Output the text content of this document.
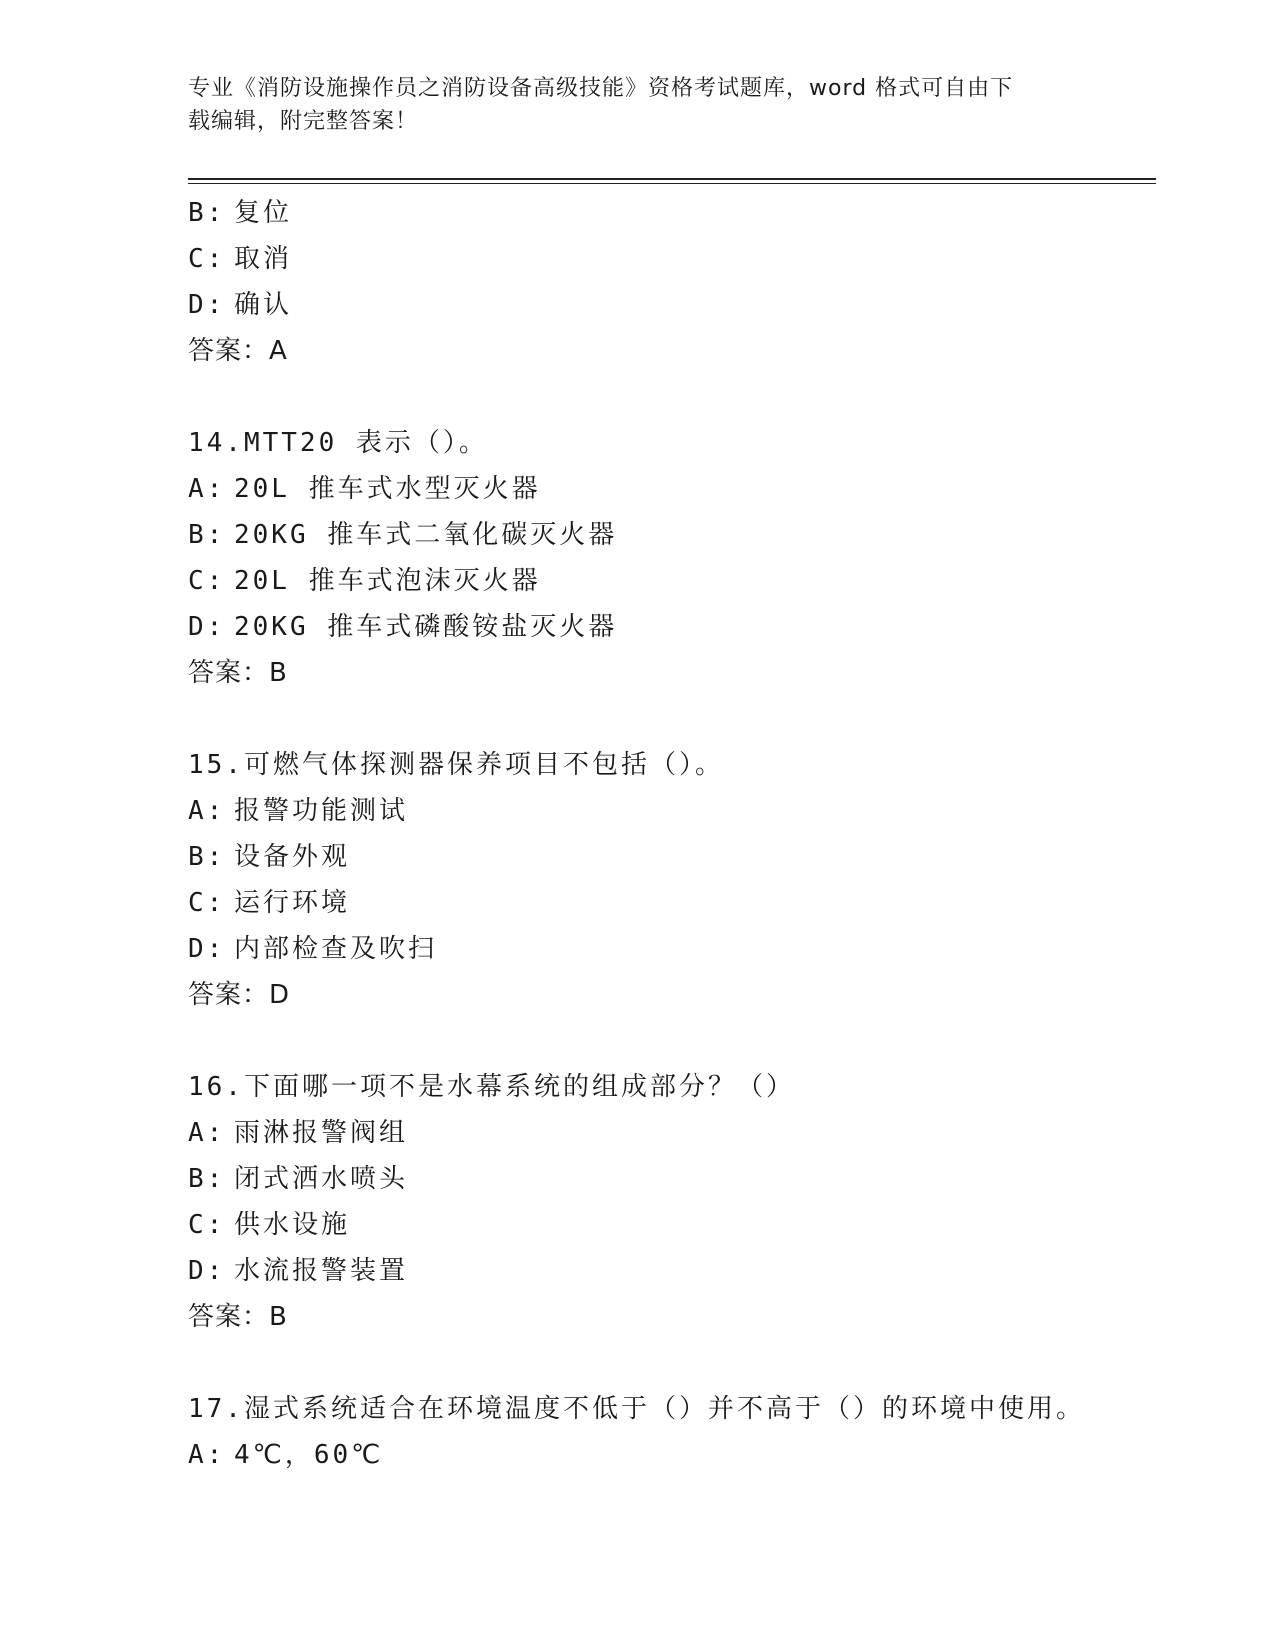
专业《消防设施操作员之消防设备高级技能》资格考试题库，word 格式可自由下
载编辑，附完整答案！
B: 复位
C: 取消
D: 确认
答案：A
14.MTT20 表示（）。
A: 20L 推车式水型灭火器
B: 20KG 推车式二氧化碳灭火器
C: 20L 推车式泡沫灭火器
D: 20KG 推车式磷酸铵盐灭火器
答案：B
15.可燃气体探测器保养项目不包括（）。
A: 报警功能测试
B: 设备外观
C: 运行环境
D: 内部检查及吹扫
答案：D
16.下面哪一项不是水幕系统的组成部分？（）
A: 雨淋报警阀组
B: 闭式洒水喷头
C: 供水设施
D: 水流报警装置
答案：B
17.湿式系统适合在环境温度不低于（）并不高于（）的环境中使用。
A: 4℃，60℃
